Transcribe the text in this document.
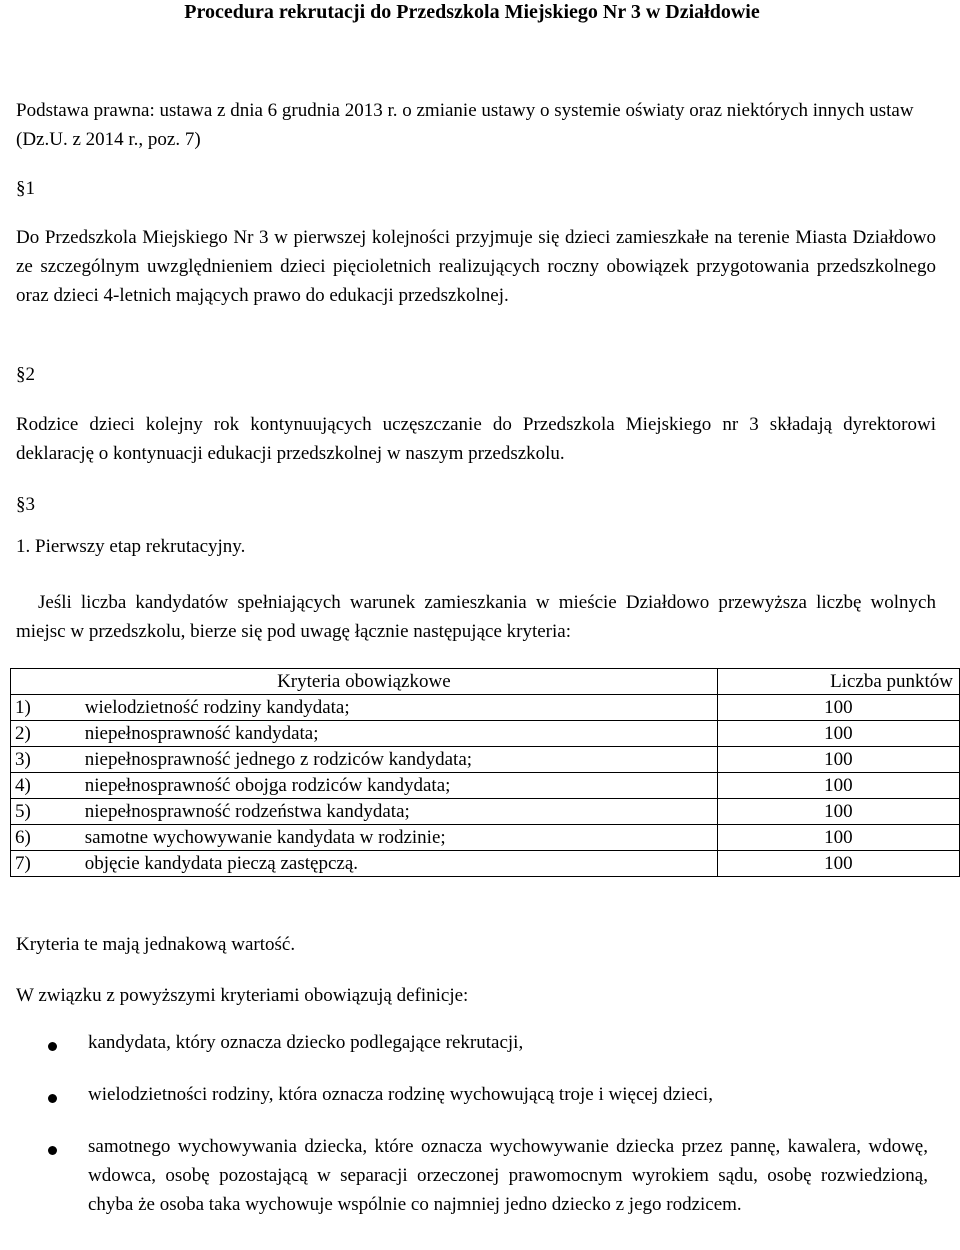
Procedura rekrutacji do Przedszkola Miejskiego Nr 3 w Działdowie
Podstawa prawna: ustawa z dnia 6 grudnia 2013 r. o zmianie ustawy o systemie oświaty oraz niektórych innych ustaw (Dz.U. z 2014 r., poz. 7)
§1
Do Przedszkola Miejskiego Nr 3 w pierwszej kolejności przyjmuje się dzieci zamieszkałe na terenie Miasta Działdowo ze szczególnym uwzględnieniem dzieci pięcioletnich realizujących roczny obowiązek przygotowania przedszkolnego oraz dzieci 4-letnich mających prawo do edukacji przedszkolnej.
§2
Rodzice dzieci kolejny rok kontynuujących uczęszczanie do Przedszkola Miejskiego nr 3 składają dyrektorowi deklarację o kontynuacji edukacji przedszkolnej w naszym przedszkolu.
§3
1. Pierwszy etap rekrutacyjny.
Jeśli liczba kandydatów spełniających warunek zamieszkania w mieście Działdowo przewyższa liczbę wolnych miejsc w przedszkolu, bierze się pod uwagę łącznie następujące kryteria:
Kryteria obowiązkowe		Liczba punktów
1)	wielodzietność rodziny kandydata;	100
2)	niepełnosprawność kandydata;	100
3)	niepełnosprawność jednego z rodziców kandydata;	100
4)	niepełnosprawność obojga rodziców kandydata;	100
5)	niepełnosprawność rodzeństwa kandydata;	100
6)	samotne wychowywanie kandydata w rodzinie;	100
7)	objęcie kandydata pieczą zastępczą.	100
Kryteria te mają jednakową wartość.
W związku z powyższymi kryteriami obowiązują definicje:
kandydata, który oznacza dziecko podlegające rekrutacji,
wielodzietności rodziny, która oznacza rodzinę wychowującą troje i więcej dzieci,
samotnego wychowywania dziecka, które oznacza wychowywanie dziecka przez pannę, kawalera, wdowę, wdowca, osobę pozostającą w separacji orzeczonej prawomocnym wyrokiem sądu, osobę rozwiedzioną, chyba że osoba taka wychowuje wspólnie co najmniej jedno dziecko z jego rodzicem.
